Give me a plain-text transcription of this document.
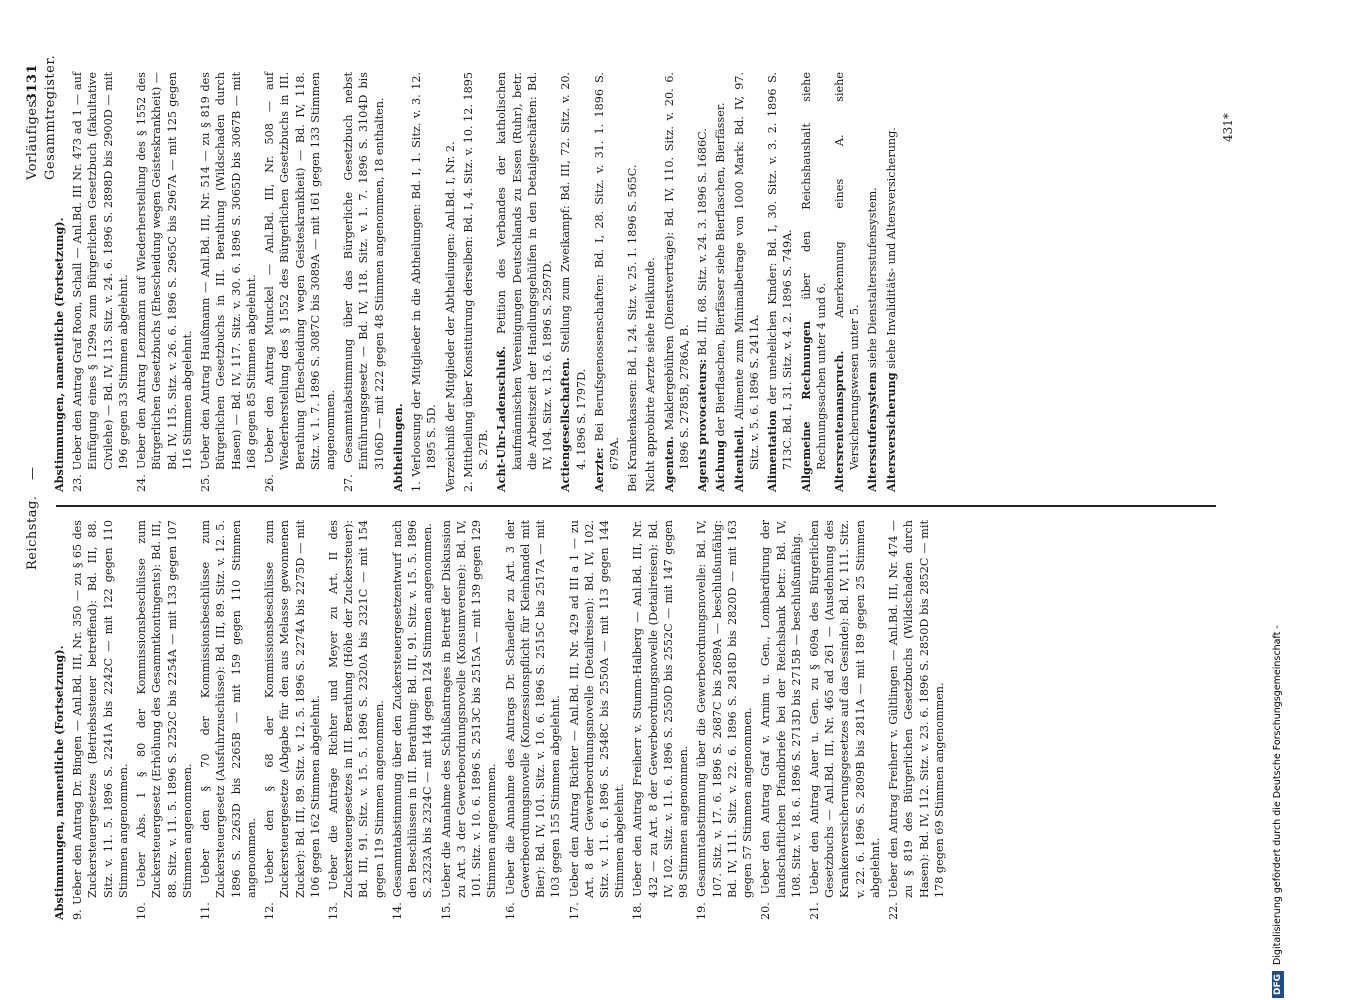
Reichstag.
—
Vorläufiges Gesammtregister.
3131

Abstimmungen, namentliche (Fortsetzung). 9. Ueber den Antrag Dr. Bingen — Anl.Bd. III, Nr. 350 — zu § 65 des Zuckersteuergesetzes (Betriebssteuer betreffend): Bd. III, 88. Sitz. v. 11. 5. 1896 S. 2241A bis 2242C — mit 122 gegen 110 Stimmen angenommen.

10. Ueber Abs. 1 § 80 der Kommissionsbeschlüsse zum Zuckersteuergesetz (Erhöhung des Gesammtkontingents): Bd. III, 88. Sitz. v. 11. 5. 1896 S. 2252C bis 2254A — mit 133 gegen 107 Stimmen angenommen.

11. Ueber den § 70 der Kommissionsbeschlüsse zum Zuckersteuergesetz (Ausfuhrzuschüsse): Bd. III, 89. Sitz. v. 12. 5. 1896 S. 2263D bis 2265B — mit 159 gegen 110 Stimmen angenommen.

12. Ueber den § 68 der Kommissionsbeschlüsse zum Zuckersteuergesetze (Abgabe für den aus Melasse gewonnenen Zucker): Bd. III, 89. Sitz. v. 12. 5. 1896 S. 2274A bis 2275D — mit 106 gegen 162 Stimmen abgelehnt.

13. Ueber die Anträge Richter und Meyer zu Art. II des Zuckersteuergesetzes in III. Berathung (Höhe der Zuckersteuer): Bd. III, 91. Sitz. v. 15. 5. 1896 S. 2320A bis 2321C — mit 154 gegen 119 Stimmen angenommen.

14. Gesammtabstimmung über den Zuckersteuergesetzentwurf nach den Beschlüssen in III. Berathung: Bd. III, 91. Sitz. v. 15. 5. 1896 S. 2323A bis 2324C — mit 144 gegen 124 Stimmen angenommen.

15. Ueber die Annahme des Schlußantrages in Betreff der Diskussion zu Art. 3 der Gewerbeordnungsnovelle (Konsumvereine): Bd. IV, 101. Sitz. v. 10. 6. 1896 S. 2513C bis 2515A — mit 139 gegen 129 Stimmen angenommen.

16. Ueber die Annahme des Antrags Dr. Schaedler zu Art. 3 der Gewerbeordnungsnovelle (Konzessionspflicht für Kleinhandel mit Bier): Bd. IV, 101. Sitz. v. 10. 6. 1896 S. 2515C bis 2517A — mit 103 gegen 155 Stimmen abgelehnt.

17. Ueber den Antrag Richter — Anl.Bd. III, Nr. 429 ad III a 1 — zu Art. 8 der Gewerbeordnungsnovelle (Detailreisen): Bd. IV, 102. Sitz. v. 11. 6. 1896 S. 2548C bis 2550A — mit 113 gegen 144 Stimmen abgelehnt.

18. Ueber den Antrag Freiherr v. Stumm-Halberg — Anl.Bd. III, Nr. 432 — zu Art. 8 der Gewerbeordnungsnovelle (Detailreisen): Bd. IV, 102. Sitz. v. 11. 6. 1896 S. 2550D bis 2552C — mit 147 gegen 98 Stimmen angenommen.

19. Gesammtabstimmung über die Gewerbeordnungsnovelle: Bd. IV, 107. Sitz. v. 17. 6. 1896 S. 2687C bis 2689A — beschlußunfähig: Bd. IV, 111. Sitz. v. 22. 6. 1896 S. 2818D bis 2820D — mit 163 gegen 57 Stimmen angenommen.

20. Ueber den Antrag Graf v. Arnim u. Gen., Lombardirung der landschaftlichen Pfandbriefe bei der Reichsbank betr.: Bd. IV, 108. Sitz. v. 18. 6. 1896 S. 2713D bis 2715B — beschlußunfähig.

21. Ueber den Antrag Auer u. Gen. zu § 609a des Bürgerlichen Gesetzbuchs — Anl.Bd. III, Nr. 465 ad 261 — (Ausdehnung des Krankenversicherungsgesetzes auf das Gesinde): Bd. IV, 111. Sitz. v. 22. 6. 1896 S. 2809B bis 2811A — mit 189 gegen 25 Stimmen abgelehnt.

22. Ueber den Antrag Freiherr v. Gültlingen — Anl.Bd. III, Nr. 474 — zu § 819 des Bürgerlichen Gesetzbuchs (Wildschaden durch Hasen): Bd. IV, 112. Sitz. v. 23. 6. 1896 S. 2850D bis 2852C — mit 178 gegen 69 Stimmen angenommen.

Abstimmungen, namentliche (Fortsetzung). 23. Ueber den Antrag Graf Roon, Schall — Anl.Bd. III Nr. 473 ad 1 — auf Einfügung eines § 1299a zum Bürgerlichen Gesetzbuch (fakultative Civilehe) — Bd. IV, 113. Sitz. v. 24. 6. 1896 S. 2898D bis 2900D — mit 196 gegen 33 Stimmen abgelehnt.

24. Ueber den Antrag Lenzmann auf Wiederherstellung des § 1552 des Bürgerlichen Gesetzbuchs (Ehescheidung wegen Geisteskrankheit) — Bd. IV, 115. Sitz. v. 26. 6. 1896 S. 2965C bis 2967A — mit 125 gegen 116 Stimmen abgelehnt.

25. Ueber den Antrag Haußmann — Anl.Bd. III, Nr. 514 — zu § 819 des Bürgerlichen Gesetzbuchs in III. Berathung (Wildschaden durch Hasen) — Bd. IV, 117. Sitz. v. 30. 6. 1896 S. 3065D bis 3067B — mit 168 gegen 85 Stimmen abgelehnt.

26. Ueber den Antrag Munckel — Anl.Bd. III, Nr. 508 — auf Wiederherstellung des § 1552 des Bürgerlichen Gesetzbuchs in III. Berathung (Ehescheidung wegen Geisteskrankheit) — Bd. IV, 118. Sitz. v. 1. 7. 1896 S. 3087C bis 3089A — mit 161 gegen 133 Stimmen angenommen.

27. Gesammtabstimmung über das Bürgerliche Gesetzbuch nebst Einführungsgesetz — Bd. IV, 118. Sitz. v. 1. 7. 1896 S. 3104D bis 3106D — mit 222 gegen 48 Stimmen angenommen, 18 enthalten. Abtheilungen. 1. Verloosung der Mitglieder in die Abtheilungen: Bd. I, 1. Sitz. v. 3. 12. 1895 S. 5D. Verzeichniß der Mitglieder der Abtheilungen: Anl.Bd. I, Nr. 2. 2. Mittheilung über Konstituirung derselben: Bd. I, 4. Sitz. v. 10. 12. 1895 S. 27B. Acht-Uhr-Ladenschluß. Petition des Verbandes der katholischen kaufmännischen Vereinigungen Deutschlands zu Essen (Ruhr), betr. die Arbeitszeit der Handlungsgehülfen in den Detailgeschäften: Bd. IV, 104. Sitz. v. 13. 6. 1896 S. 2597D. Actiengesellschaften. Stellung zum Zweikampf: Bd. III, 72. Sitz. v. 20. 4. 1896 S. 1797D. Aerzte: Bei Berufsgenossenschaften: Bd. I, 28. Sitz. v. 31. 1. 1896 S. 679A. Bei Krankenkassen: Bd. I, 24. Sitz. v. 25. 1. 1896 S. 565C. Nicht approbirte Aerzte siehe Heilkunde. Agenten. Maklergebühren (Dienstverträge): Bd. IV, 110. Sitz. v. 20. 6. 1896 S. 2785B, 2786A, B. Agents provocateurs: Bd. III, 68. Sitz. v. 24. 3. 1896 S. 1686C.

Aichung der Bierflaschen, Bierfässer siehe Bierflaschen, Bierfässer.

Altentheil. Alimente zum Minimalbetrage von 1000 Mark: Bd. IV, 97. Sitz. v. 5. 6. 1896 S. 2411A. Alimentation der unehelichen Kinder: Bd. I, 30. Sitz. v. 3. 2. 1896 S. 713C. Bd. I, 31. Sitz. v. 4. 2. 1896 S. 749A. Allgemeine Rechnungen über den Reichshaushalt siehe Rechnungssachen unter 4 und 6. Altersrentenanspruch. Anerkennung eines A. siehe Versicherungswesen unter 5. Altersstufensystem siehe Dienstaltersstufensystem.

Altersversicherung siehe Invaliditäts- und Altersversicherung.	431*
DFGDigitalisierung gefördert durch die Deutsche Forschungsgemeinschaft -
